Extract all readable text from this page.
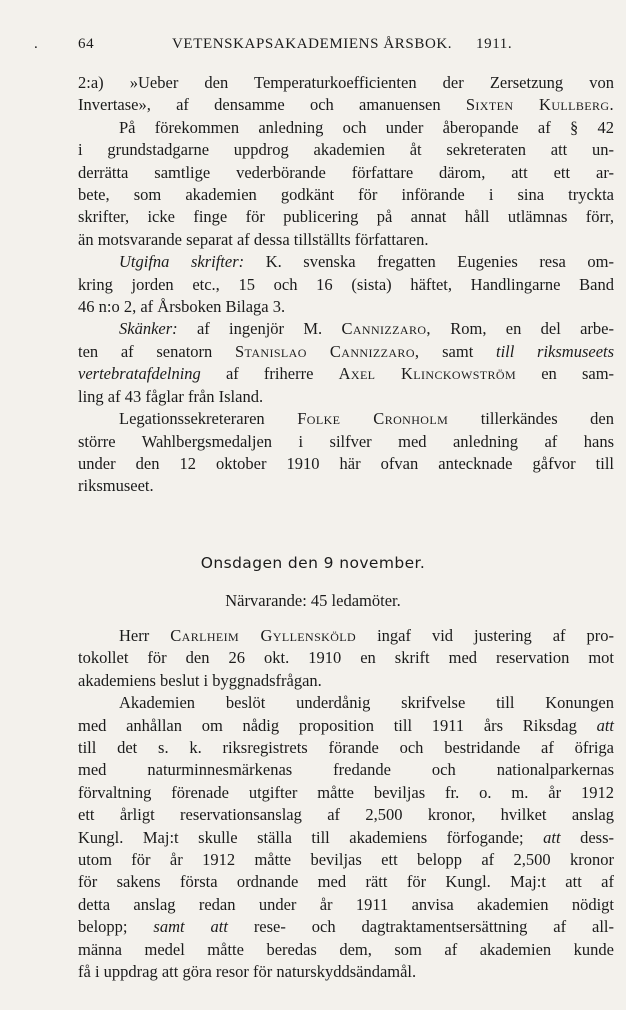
.	64	VETENSKAPSAKADEMIENS ÅRSBOK. 1911.
2:a) »Ueber den Temperaturkoefficienten der Zersetzung von
Invertase», af densamme och amanuensen Sixten Kullberg.
På förekommen anledning och under åberopande af § 42
i grundstadgarne uppdrog akademien åt sekreteraten att un-
derrätta samtlige vederbörande författare därom, att ett ar-
bete, som akademien godkänt för införande i sina tryckta
skrifter, icke finge för publicering på annat håll utlämnas förr,
än motsvarande separat af dessa tillställts författaren.
Utgifna skrifter: K. svenska fregatten Eugenies resa om-
kring jorden etc., 15 och 16 (sista) häftet, Handlingarne Band
46 n:o 2, af Årsboken Bilaga 3.
Skänker: af ingenjör M. Cannizzaro, Rom, en del arbe-
ten af senatorn Stanislao Cannizzaro, samt till riksmuseets
vertebratafdelning af friherre Axel Klinckowström en sam-
ling af 43 fåglar från Island.
Legationssekreteraren Folke Cronholm tillerkändes den
större Wahlbergsmedaljen i silfver med anledning af hans
under den 12 oktober 1910 här ofvan antecknade gåfvor till
riksmuseet.
Onsdagen den 9 november.
Närvarande: 45 ledamöter.
Herr Carlheim Gyllensköld ingaf vid justering af pro-
tokollet för den 26 okt. 1910 en skrift med reservation mot
akademiens beslut i byggnadsfrågan.
Akademien beslöt underdånig skrifvelse till Konungen
med anhållan om nådig proposition till 1911 års Riksdag att
till det s. k. riksregistrets förande och bestridande af öfriga
med naturminnesmärkenas fredande och nationalparkernas
förvaltning förenade utgifter måtte beviljas fr. o. m. år 1912
ett årligt reservationsanslag af 2,500 kronor, hvilket anslag
Kungl. Maj:t skulle ställa till akademiens förfogande; att dess-
utom för år 1912 måtte beviljas ett belopp af 2,500 kronor
för sakens första ordnande med rätt för Kungl. Maj:t att af
detta anslag redan under år 1911 anvisa akademien nödigt
belopp; samt att rese- och dagtraktamentsersättning af all-
männa medel måtte beredas dem, som af akademien kunde
få i uppdrag att göra resor för naturskyddsändamål.
